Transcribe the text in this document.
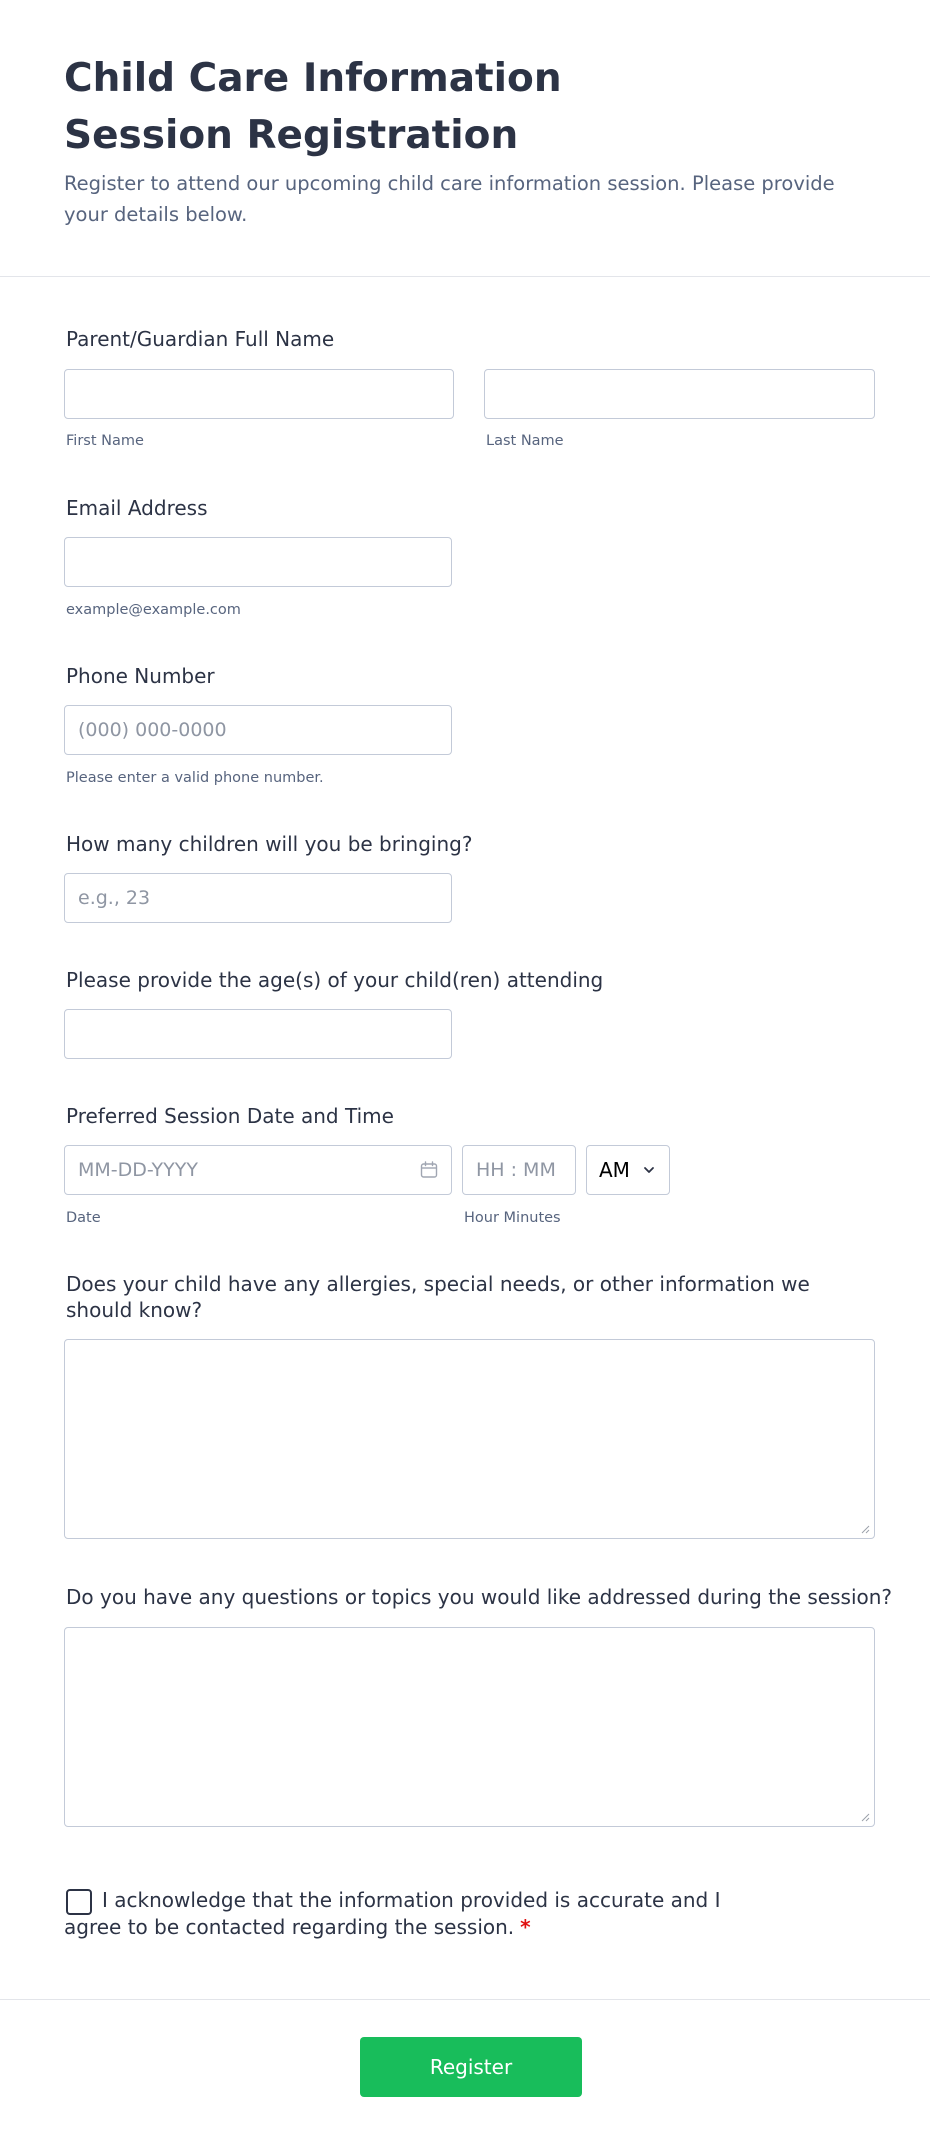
Child Care Information Session Registration

Register to attend our upcoming child care information session. Please provide your details below.

Parent/Guardian Full Name
First Name	Last Name
Email Address
example@example.com
Phone Number
(000) 000-0000
Please enter a valid phone number.
How many children will you be bringing?
e.g., 23
Please provide the age(s) of your child(ren) attending
Preferred Session Date and Time
MM-DD-YYYY	HH : MM AM
Date	Hour Minutes
Does your child have any allergies, special needs, or other information we should know?
Do you have any questions or topics you would like addressed during the session?
I acknowledge that the information provided is accurate and I agree to be contacted regarding the session. *
Register
